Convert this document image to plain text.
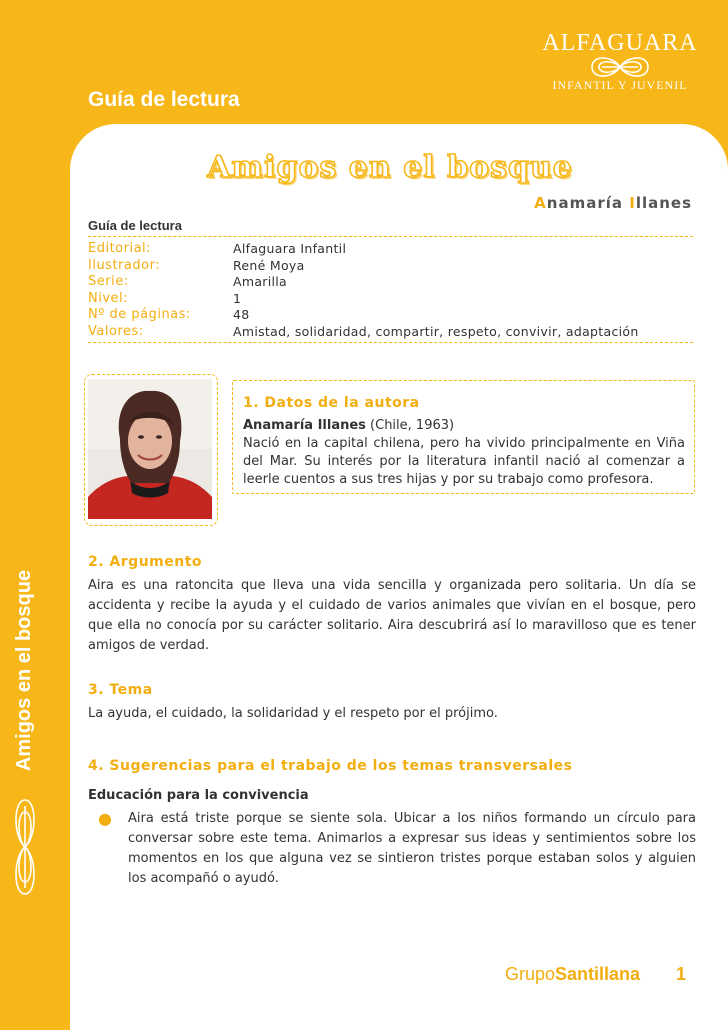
Guía de lectura
ALFAGUARA
INFANTIL Y JUVENIL
Amigos en el bosque
Amigos en el bosque
Anamaría Illanes
Guía de lectura
Editorial:	Alfaguara Infantil
Ilustrador:	René Moya
Serie:	Amarilla
Nivel:	1
Nº de páginas:	48
Valores:	Amistad, solidaridad, compartir, respeto, convivir, adaptación
1. Datos de la autora
Anamaría Illanes (Chile, 1963)
Nació en la capital chilena, pero ha vivido principalmente en Viña del Mar. Su interés por la literatura infantil nació al comenzar a leerle cuentos a sus tres hijas y por su trabajo como profesora.
2. Argumento
Aira es una ratoncita que lleva una vida sencilla y organizada pero solitaria. Un día se accidenta y recibe la ayuda y el cuidado de varios animales que vivían en el bosque, pero que ella no conocía por su carácter solitario. Aira descubrirá así lo maravilloso que es tener amigos de verdad.
3. Tema
La ayuda, el cuidado, la solidaridad y el respeto por el prójimo.
4. Sugerencias para el trabajo de los temas transversales
Educación para la convivencia
●	Aira está triste porque se siente sola. Ubicar a los niños formando un círculo para conversar sobre este tema. Animarlos a expresar sus ideas y sentimientos sobre los momentos en los que alguna vez se sintieron tristes porque estaban solos y alguien los acompañó o ayudó.
GrupoSantillana 1
